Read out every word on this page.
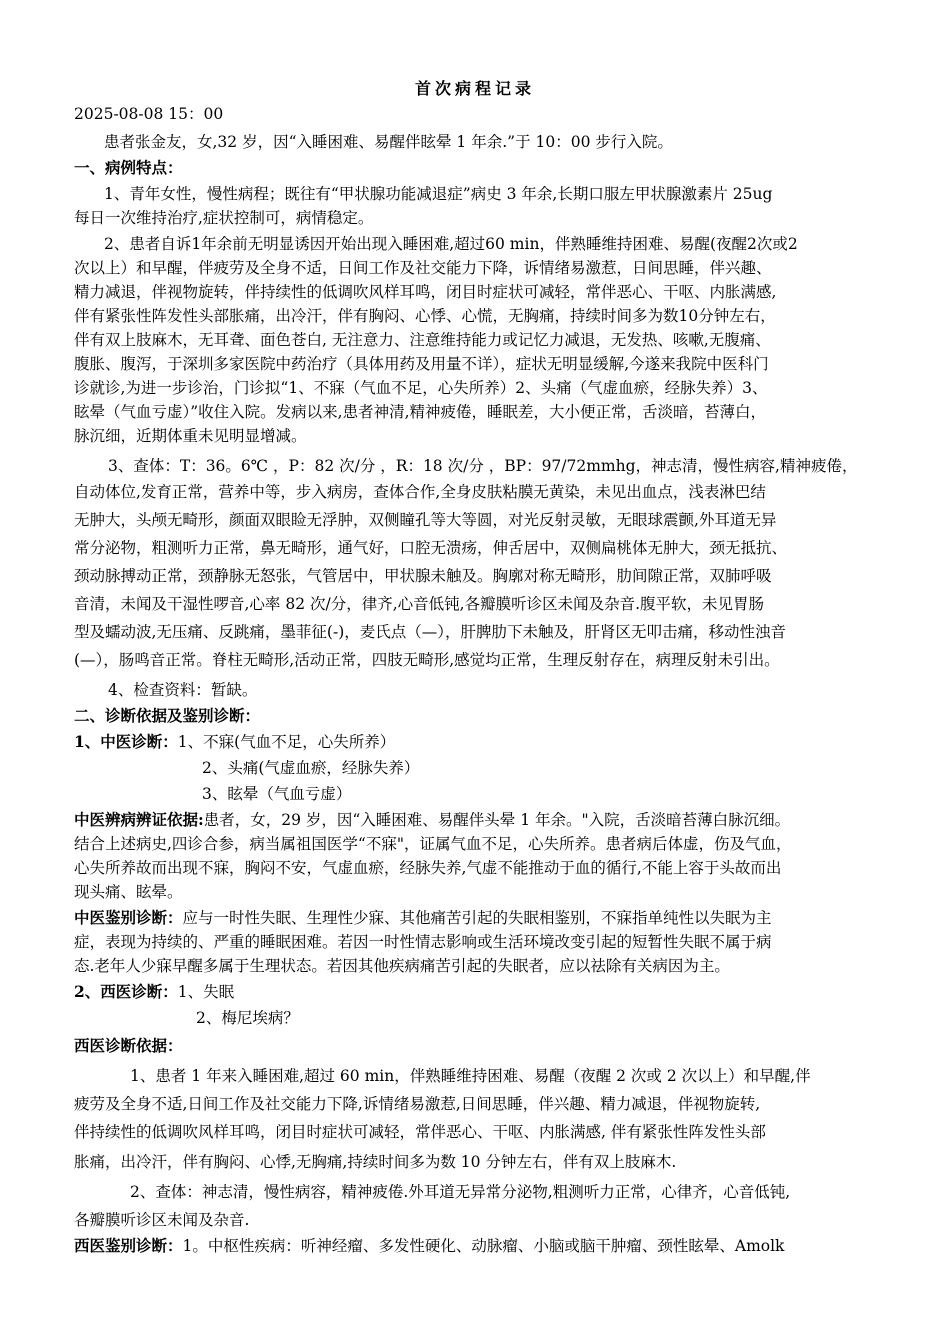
首次病程记录
2025-08-08 15：00
患者张金友，女,32 岁，因“入睡困难、易醒伴眩晕 1 年余.”于 10：00 步行入院。
一、病例特点：
1、青年女性，慢性病程；既往有“甲状腺功能减退症”病史 3 年余,长期口服左甲状腺激素片 25ug
每日一次维持治疗,症状控制可，病情稳定。
2、患者自诉1年余前无明显诱因开始出现入睡困难,超过60 min，伴熟睡维持困难、易醒(夜醒2次或2
次以上）和早醒，伴疲劳及全身不适，日间工作及社交能力下降，诉情绪易激惹，日间思睡，伴兴趣、
精力减退，伴视物旋转，伴持续性的低调吹风样耳鸣，闭目时症状可减轻，常伴恶心、干呕、内胀满感,
伴有紧张性阵发性头部胀痛，出冷汗，伴有胸闷、心悸、心慌，无胸痛，持续时间多为数10分钟左右，
伴有双上肢麻木，无耳聋、面色苍白, 无注意力、注意维持能力或记忆力减退，无发热、咳嗽,无腹痛、
腹胀、腹泻，于深圳多家医院中药治疗（具体用药及用量不详），症状无明显缓解,今遂来我院中医科门
诊就诊,为进一步诊治，门诊拟“1、不寐（气血不足，心失所养）2、头痛（气虚血瘀，经脉失养）3、
眩晕（气血亏虚）”收住入院。发病以来,患者神清,精神疲倦，睡眠差，大小便正常，舌淡暗，苔薄白，
脉沉细，近期体重未见明显增减。
3、查体：T：36。6℃ ，P：82 次/分 ，R：18 次/分 ，BP：97/72mmhg，神志清，慢性病容,精神疲倦，
自动体位,发育正常，营养中等，步入病房，查体合作,全身皮肤粘膜无黄染，未见出血点，浅表淋巴结
无肿大，头颅无畸形，颜面双眼睑无浮肿，双侧瞳孔等大等圆，对光反射灵敏，无眼球震颤,外耳道无异
常分泌物，粗测听力正常，鼻无畸形，通气好，口腔无溃疡，伸舌居中，双侧扁桃体无肿大，颈无抵抗、
颈动脉搏动正常，颈静脉无怒张，气管居中，甲状腺未触及。胸廓对称无畸形，肋间隙正常，双肺呼吸
音清，未闻及干湿性啰音,心率 82 次/分，律齐,心音低钝,各瓣膜听诊区未闻及杂音.腹平软，未见胃肠
型及蠕动波,无压痛、反跳痛，墨菲征(-)，麦氏点（—），肝脾肋下未触及，肝肾区无叩击痛，移动性浊音
(—），肠鸣音正常。脊柱无畸形,活动正常，四肢无畸形,感觉均正常，生理反射存在，病理反射未引出。
4、检查资料：暂缺。
二、诊断依据及鉴别诊断：
1、中医诊断：1、不寐(气血不足，心失所养）
2、头痛(气虚血瘀，经脉失养）
3、眩晕（气血亏虚）
中医辨病辨证依据:患者，女，29 岁，因“入睡困难、易醒伴头晕 1 年余。"入院，舌淡暗苔薄白脉沉细。
结合上述病史,四诊合参，病当属祖国医学“不寐"，证属气血不足，心失所养。患者病后体虚，伤及气血，
心失所养故而出现不寐，胸闷不安，气虚血瘀，经脉失养,气虚不能推动于血的循行,不能上容于头故而出
现头痛、眩晕。
中医鉴别诊断：应与一时性失眠、生理性少寐、其他痛苦引起的失眠相鉴别，不寐指单纯性以失眠为主
症，表现为持续的、严重的睡眠困难。若因一时性情志影响或生活环境改变引起的短暂性失眠不属于病
态.老年人少寐早醒多属于生理状态。若因其他疾病痛苦引起的失眠者，应以祛除有关病因为主。
2、西医诊断：1、失眠
2、梅尼埃病？
西医诊断依据：
1、患者 1 年来入睡困难,超过 60 min，伴熟睡维持困难、易醒（夜醒 2 次或 2 次以上）和早醒,伴
疲劳及全身不适,日间工作及社交能力下降,诉情绪易激惹,日间思睡，伴兴趣、精力减退，伴视物旋转,
伴持续性的低调吹风样耳鸣，闭目时症状可减轻，常伴恶心、干呕、内胀满感, 伴有紧张性阵发性头部
胀痛，出冷汗，伴有胸闷、心悸,无胸痛,持续时间多为数 10 分钟左右，伴有双上肢麻木.
2、查体：神志清，慢性病容，精神疲倦.外耳道无异常分泌物,粗测听力正常，心律齐，心音低钝,
各瓣膜听诊区未闻及杂音.
西医鉴别诊断：1。中枢性疾病：听神经瘤、多发性硬化、动脉瘤、小脑或脑干肿瘤、颈性眩晕、Amolk
